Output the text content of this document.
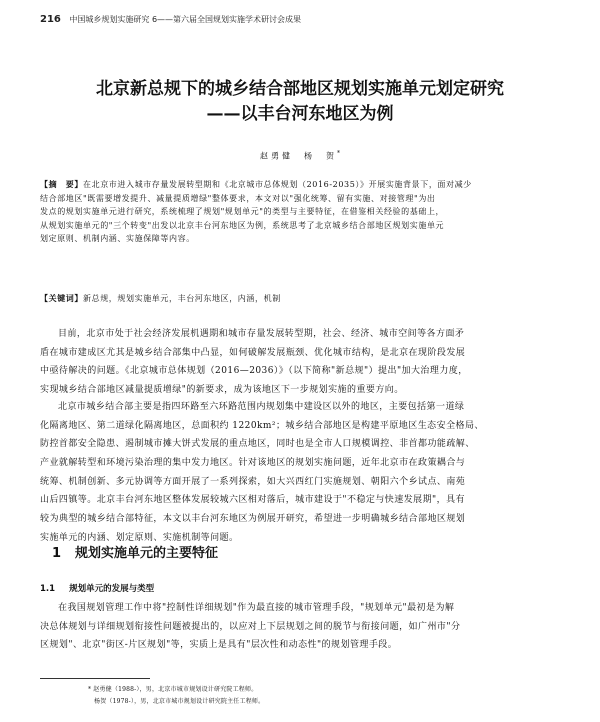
216 中国城乡规划实施研究 6——第六届全国规划实施学术研讨会成果
北京新总规下的城乡结合部地区规划实施单元划定研究
——以丰台河东地区为例
赵勇健　杨　贺*
【摘　要】在北京市进入城市存量发展转型期和《北京城市总体规划（2016-2035）》开展实施背景下，面对减少
结合部地区"既需要增发提升、减量提质增绿"整体要求，本文对以"强化统筹、留有实施、对接管理"为出
发点的规划实施单元进行研究，系统梳理了规划"规划单元"的类型与主要特征，在借鉴相关经验的基础上，
从规划实施单元的"三个转变"出发以北京丰台河东地区为例，系统思考了北京城乡结合部地区规划实施单元
划定原则、机制内涵、实施保障等内容。
【关键词】新总规，规划实施单元，丰台河东地区，内涵，机制
目前，北京市处于社会经济发展机遇期和城市存量发展转型期，社会、经济、城市空间等各方面矛
盾在城市建成区尤其是城乡结合部集中凸显，如何破解发展瓶颈、优化城市结构，是北京在现阶段发展
中亟待解决的问题。《北京城市总体规划（2016—2036）》（以下简称"新总规"）提出"加大治理力度，
实现城乡结合部地区减量提质增绿"的新要求，成为该地区下一步规划实施的重要方向。
北京市城乡结合部主要是指四环路至六环路范围内规划集中建设区以外的地区，主要包括第一道绿
化隔离地区、第二道绿化隔离地区，总面积约 1220km²；城乡结合部地区是构建平原地区生态安全格局、
防控首都安全隐患、遏制城市摊大饼式发展的重点地区，同时也是全市人口规模调控、非首都功能疏解、
产业就解转型和环境污染治理的集中发力地区。针对该地区的规划实施问题，近年北京市在政策耦合与
统筹、机制创新、多元协调等方面开展了一系列探索，如大兴西红门实施规划、朝阳六个乡试点、南苑
山后四镇等。北京丰台河东地区整体发展较城六区相对落后，城市建设于"不稳定与快速发展期"，具有
较为典型的城乡结合部特征，本文以丰台河东地区为例展开研究，希望进一步明确城乡结合部地区规划
实施单元的内涵、划定原则、实施机制等问题。
1 规划实施单元的主要特征
1.1 规划单元的发展与类型
在我国规划管理工作中将"控制性详细规划"作为最直接的城市管理手段，"规划单元"最初是为解
决总体规划与详细规划衔接性问题被提出的，以应对上下层规划之间的脱节与衔接问题，如广州市"分
区规划"、北京"街区-片区规划"等，实质上是具有"层次性和动态性"的规划管理手段。
* 赵勇健（1988-），男，北京市城市规划设计研究院工程师。
杨贺（1978-），男，北京市城市规划设计研究院主任工程师。
